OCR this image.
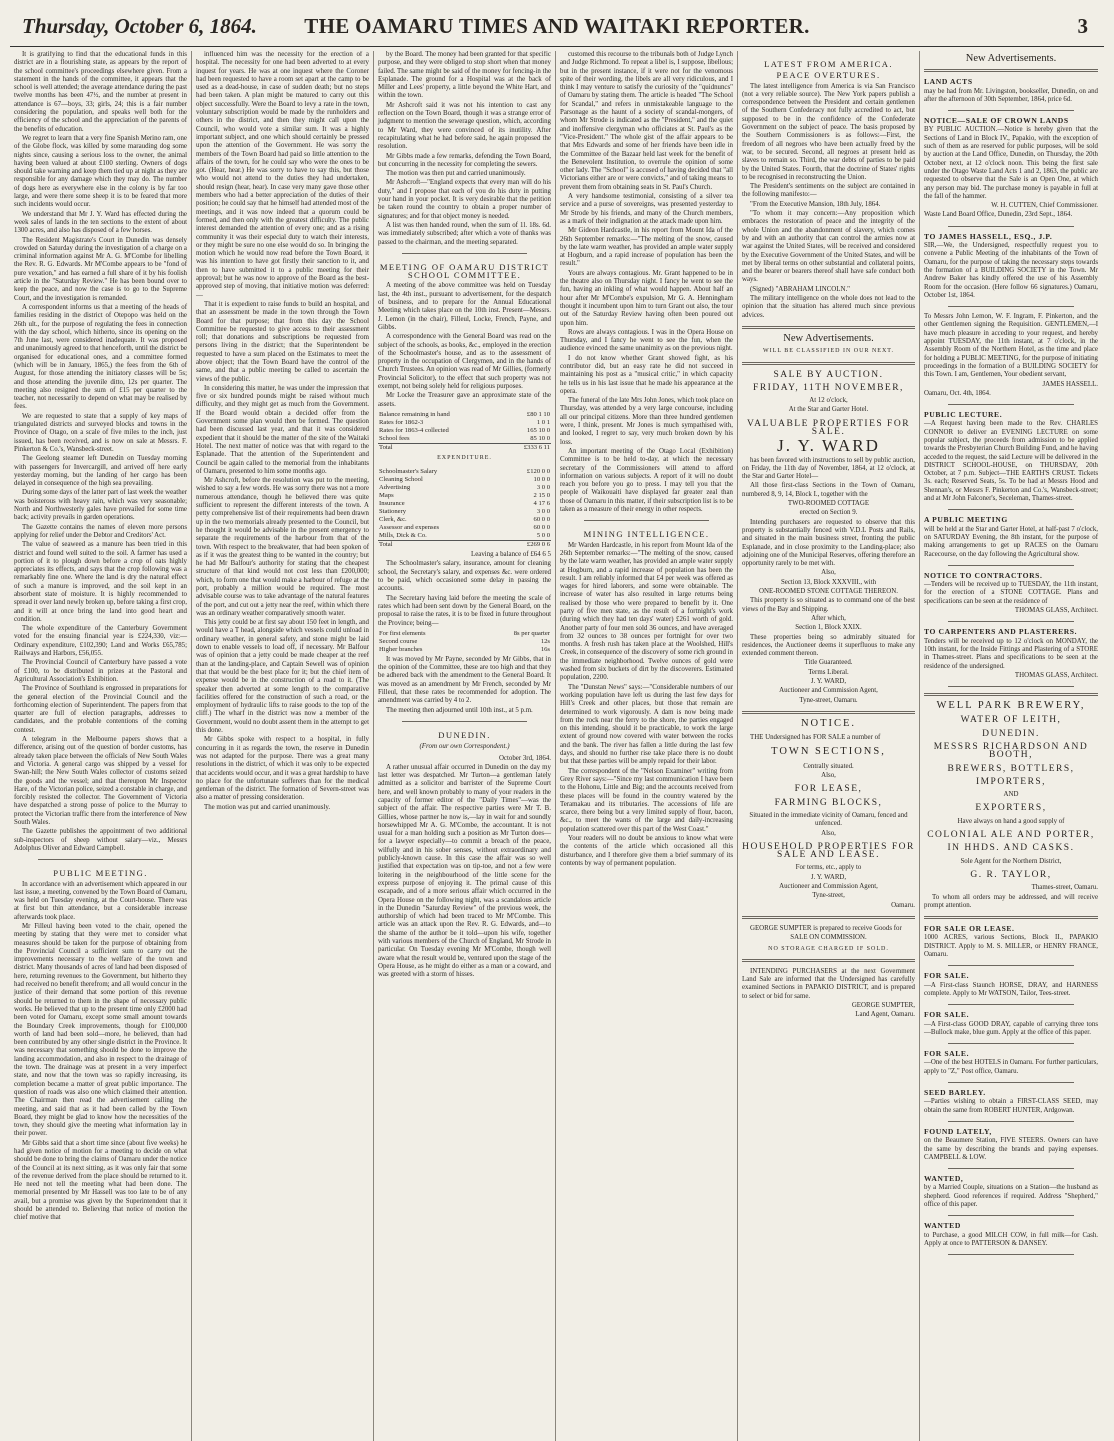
Thursday, October 6, 1864.	THE OAMARU TIMES AND WAITAKI REPORTER.	3

It is gratifying to find that the educational funds in this district are in a flourishing state, as appears by the report of the school committee's proceedings elsewhere given. From a statement in the hands of the committee, it appears that the school is well attended; the average attendance during the past twelve months has been 47½, and the number at present in attendance is 67—boys, 33; girls, 24; this is a fair number considering the population, and speaks well both for the efficiency of the school and the appreciation of the parents of the benefits of education.

We regret to learn that a very fine Spanish Merino ram, one of the Globe flock, was killed by some marauding dog some nights since, causing a serious loss to the owner, the animal having been valued at about £100 sterling. Owners of dogs should take warning and keep them tied up at night as they are responsible for any damage which they may do. The number of dogs here as everywhere else in the colony is by far too large, and were there some sheep it is to be feared that more such incidents would occur.

We understand that Mr J. Y. Ward has effected during the week sales of lands in the ten sections to the extent of about 1300 acres, and also has disposed of a few horses.

The Resident Magistrate's Court in Dunedin was densely crowded on Saturday during the investigation of a charge on a criminal information against Mr A. G. M'Combe for libelling the Rev. R. G. Edwards. Mr M'Combe appears to be "fond of pure vexation," and has earned a full share of it by his foolish article in the "Saturday Review." He has been bound over to keep the peace, and now the case is to go to the Supreme Court, and the investigation is remanded.

A correspondent informs us that a meeting of the heads of families residing in the district of Otepopo was held on the 26th ult., for the purpose of regulating the fees in connection with the day school, which hitherto, since its opening on the 7th June last, were considered inadequate. It was proposed and unanimously agreed to that henceforth, until the district be organised for educational ones, and a committee formed (which will be in January, 1865,) the fees from the 6th of August, for those attending the initiatory classes will be 5s; and those attending the juvenile ditto, 12s per quarter. The meeting also resigned the sum of £15 per quarter to the teacher, not necessarily to depend on what may be realised by fees.

We are requested to state that a supply of key maps of triangulated districts and surveyed blocks and towns in the Province of Otago, on a scale of five miles to the inch, just issued, has been received, and is now on sale at Messrs. F. Pinkerton & Co.'s, Wansbeck-street.

The Geelong steamer left Dunedin on Tuesday morning with passengers for Invercargill, and arrived off here early yesterday morning, but the landing of her cargo has been delayed in consequence of the high sea prevailing.

During some days of the latter part of last week the weather was boisterous with heavy rain, which was very seasonable; North and Northwesterly gales have prevailed for some time back; activity prevails in garden operations.

The Gazette contains the names of eleven more persons applying for relief under the Debtor and Creditors' Act.

The value of seaweed as a manure has been tried in this district and found well suited to the soil. A farmer has used a portion of it to plough down before a crop of oats highly appreciates its effects, and says that the crop following was a remarkably fine one. Where the land is dry the natural effect of such a manure is improved, and the soil kept in an absorbent state of moisture. It is highly recommended to spread it over land newly broken up, before taking a first crop, and it will at once bring the land into good heart and condition.

The whole expenditure of the Canterbury Government voted for the ensuing financial year is £224,330, viz:—Ordinary expenditure, £102,390; Land and Works £65,785; Railways and Harbors, £56,055.

The Provincial Council of Canterbury have passed a vote of £100, to be distributed in prizes at the Pastoral and Agricultural Association's Exhibition.

The Province of Southland is engrossed in preparations for the general election of the Provincial Council and the forthcoming election of Superintendent. The papers from that quarter are full of election paragraphs, addresses to candidates, and the probable contentions of the coming contest.

A telegram in the Melbourne papers shows that a difference, arising out of the question of border customs, has already taken place between the officials of New South Wales and Victoria. A general cargo was shipped by a vessel for Swan-hill; the New South Wales collector of customs seized the goods and the vessel; and that thereupon Mr Inspector Hare, of the Victorian police, seized a constable in charge, and forcibly resisted the collector. The Government of Victoria have despatched a strong posse of police to the Murray to protect the Victorian traffic there from the interference of New South Wales.

The Gazette publishes the appointment of two additional sub-inspectors of sheep without salary—viz., Messrs Adolphus Oliver and Edward Campbell.

PUBLIC MEETING.

In accordance with an advertisement which appeared in our last issue, a meeting, convened by the Town Board of Oamaru, was held on Tuesday evening, at the Court-house. There was at first but thin attendance, but a considerable increase afterwards took place.

Mr Filleul having been voted to the chair, opened the meeting by stating that they were met to consider what measures should be taken for the purpose of obtaining from the Provincial Council a sufficient sum to carry out the improvements necessary to the welfare of the town and district. Many thousands of acres of land had been disposed of here, returning revenues to the Government, but hitherto they had received no benefit therefrom; and all would concur in the justice of their demand that some portion of this revenue should be returned to them in the shape of necessary public works. He believed that up to the present time only £2000 had been voted for Oamaru, except some small amount towards the Boundary Creek improvements, though for £100,000 worth of land had been sold—more, he believed, than had been contributed by any other single district in the Province. It was necessary that something should be done to improve the landing accommodation, and also in respect to the drainage of the town. The drainage was at present in a very imperfect state, and now that the town was so rapidly increasing, its completion became a matter of great public importance. The question of roads was also one which claimed their attention. The Chairman then read the advertisement calling the meeting, and said that as it had been called by the Town Board, they might be glad to know how the necessities of the town, they should give the meeting what information lay in their power.

Mr Gibbs said that a short time since (about five weeks) he had given notice of motion for a meeting to decide on what should be done to bring the claims of Oamaru under the notice of the Council at its next sitting, as it was only fair that some of the revenue derived from the place should be returned to it. He need not tell the meeting what had been done. The memorial presented by Mr Hassell was too late to be of any avail, but a promise was given by the Superintendent that it should be attended to. Believing that notice of motion the chief motive that

influenced him was the necessity for the erection of a hospital. The necessity for one had been adverted to at every inquest for years. He was at one inquest where the Coroner had been requested to have a room set apart at the camp to be used as a dead-house, in case of sudden death; but no steps had been taken. A plan might be matured to carry out this object successfully. Were the Board to levy a rate in the town, voluntary subscription would be made by the runholders and others in the district, and then they might call upon the Council, who would vote a similar sum. It was a highly important subject, and one which should certainly be pressed upon the attention of the Government. He was sorry the members of the Town Board had paid so little attention to the affairs of the town, for he could say who were the ones to be got. (Hear, hear.) He was sorry to have to say this, but those who would not attend to the duties they had undertaken, should resign (hear, hear). In case very many gave those other members who had a better appreciation of the duties of their position; he could say that he himself had attended most of the meetings, and it was now indeed that a quorum could be formed, and then only with the greatest difficulty. The public interest demanded the attention of every one; and as a rising community it was their especial duty to watch their interests, or they might be sure no one else would do so. In bringing the motion which he would now read before the Town Board, it was his intention to have got firstly their sanction to it, and then to have submitted it to a public meeting for their approval; but he was now to approve of the Board as the best-approved step of moving, that initiative motion was deferred:—

That it is expedient to raise funds to build an hospital, and that an assessment be made in the town through the Town Board for that purpose; that from this day the School Committee be requested to give access to their assessment roll; that donations and subscriptions be requested from persons living in the district; that the Superintendent be requested to have a sum placed on the Estimates to meet the above object; that the Town Board have the control of the same, and that a public meeting be called to ascertain the views of the public.

In considering this matter, he was under the impression that five or six hundred pounds might be raised without much difficulty, and they might get as much from the Government. If the Board would obtain a decided offer from the Government some plan would then be formed. The question had been discussed last year, and that it was considered expedient that it should be the matter of the site of the Waitaki Hotel. The next matter of notice was that with regard to the Esplanade. That the attention of the Superintendent and Council be again called to the memorial from the inhabitants of Oamaru, presented to him some months ago.

Mr Ashcroft, before the resolution was put to the meeting, wished to say a few words. He was sorry there was not a more numerous attendance, though he believed there was quite sufficient to represent the different interests of the town. A petty comprehensive list of their requirements had been drawn up in the two memorials already presented to the Council, but he thought it would be advisable in the present emergency to separate the requirements of the harbour from that of the town. With respect to the breakwater, that had been spoken of as if it was the greatest thing to be wanted in the country; but he had Mr Balfour's authority for stating that the cheapest structure of that kind would not cost less than £200,000; which, to form one that would make a harbour of refuge at the port, probably a million would be required. The most advisable course was to take advantage of the natural features of the port, and cut out a jetty near the reef, within which there was an ordinary weather comparatively smooth water.

This jetty could be at first say about 150 feet in length, and would have a T head, alongside which vessels could unload in ordinary weather, in general safety, and stone might be laid down to enable vessels to load off, if necessary. Mr Balfour was of opinion that a jetty could be made cheaper at the reef than at the landing-place, and Captain Sewell was of opinion that that would be the best place for it; but the chief item of expense would be in the construction of a road to it. (The speaker then adverted at some length to the comparative facilities offered for the construction of such a road, or the employment of hydraulic lifts to raise goods to the top of the cliff.) The wharf in the district was now a member of the Government, would no doubt assent them in the attempt to get this done.

Mr Gibbs spoke with respect to a hospital, in fully concurring in it as regards the town, the reserve in Dunedin was not adapted for the purpose. There was a great many resolutions in the district, of which it was only to be expected that accidents would occur, and it was a great hardship to have no place for the unfortunate sufferers than for the medical gentleman of the district. The formation of Severn-street was also a matter of pressing consideration.

The motion was put and carried unanimously.

by the Board. The money had been granted for that specific purpose, and they were obliged to stop short when that money failed. The same might be said of the money for fencing-in the Esplanade. The ground for a Hospital was at the back of Miller and Lees' property, a little beyond the White Hart, and within the town.

Mr Ashcroft said it was not his intention to cast any reflection on the Town Board, though it was a strange error of judgment to mention the sewerage question, which, according to Mr Ward, they were convinced of its inutility. After recapitulating what he had before said, he again proposed the resolution.

Mr Gibbs made a few remarks, defending the Town Board, but concurring in the necessity for completing the sewers.

The motion was then put and carried unanimously.

Mr Ashcroft—"England expects that every man will do his duty," and I propose that each of you do his duty in putting your hand in your pocket. It is very desirable that the petition be taken round the country to obtain a proper number of signatures; and for that object money is needed.

A list was then handed round, when the sum of 1l. 18s. 6d. was immediately subscribed; after which a vote of thanks was passed to the chairman, and the meeting separated.

MEETING OF OAMARU DISTRICT SCHOOL COMMITTEE.

A meeting of the above committee was held on Tuesday last, the 4th inst., pursuant to advertisement, for the despatch of business, and to prepare for the Annual Educational Meeting which takes place on the 10th inst. Present—Messrs. J. Lemon (in the chair), Filleul, Locke, French, Payne, and Gibbs.

A correspondence with the General Board was read on the subject of the schools, as books, &c., employed in the erection of the Schoolmaster's house, and as to the assessment of property in the occupation of Clergymen, and in the hands of Church Trustees. An opinion was read of Mr Gillies, (formerly Provincial Solicitor), to the effect that such property was not exempt, not being solely held for religious purposes.

Mr Locke the Treasurer gave an approximate state of the assets.

Balance remaining in hand	£80 1 10
Rates for 1862-3	1 0 1
Rates for 1863-4 collected	165 10 0
School fees	85 10 0
Total	£333 6 11
EXPENDITURE.
Schoolmaster's Salary	£120 0 0
Cleaning School	10 0 0
Advertising	3 0 0
Maps	2 15 0
Insurance	4 17 6
Stationery	3 0 0
Clerk, &c.	60 0 0
Assessor and expenses	60 0 0
Mills, Dick & Co.	5 0 0
Total	£269 0 6

Leaving a balance of £64 6 5

The Schoolmaster's salary, insurance, amount for cleaning school, the Secretary's salary, and expenses &c. were ordered to be paid, which occasioned some delay in passing the accounts.

The Secretary having laid before the meeting the scale of rates which had been sent down by the General Board, on the proposal to raise the rates, it is to be fixed in future throughout the Province; being—

For first elements	8s per quarter
Second course	12s
Higher branches	16s

It was moved by Mr Payne, seconded by Mr Gibbs, that in the opinion of the Committee, these are too high and that they be adhered back with the amendment to the General Board. It was moved as an amendment by Mr French, seconded by Mr Filleul, that these rates be recommended for adoption. The amendment was carried by 4 to 2.

The meeting then adjourned until 10th inst., at 5 p.m.

DUNEDIN.
(From our own Correspondent.)

October 3rd, 1864.

A rather unusual affair occurred in Dunedin on the day my last letter was despatched. Mr Turton—a gentleman lately admitted as a solicitor and barrister of the Supreme Court here, and well known probably to many of your readers in the capacity of former editor of the "Daily Times"—was the subject of the affair. The respective parties were Mr T. B. Gillies, whose partner he now is,—lay in wait for and soundly horsewhipped Mr A. G. M'Combe, the accountant. It is not usual for a man holding such a position as Mr Turton does—for a lawyer especially—to commit a breach of the peace, wilfully and in his sober senses, without extraordinary and publicly-known cause. In this case the affair was so well justified that expectation was on tip-toe, and not a few were loitering in the neighbourhood of the little scene for the express purpose of enjoying it. The primal cause of this escapade, and of a more serious affair which occurred in the Opera House on the following night, was a scandalous article in the Dunedin "Saturday Review" of the previous week, the authorship of which had been traced to Mr M'Combe. This article was an attack upon the Rev. R. G. Edwards, and—to the shame of the author be it told—upon his wife, together with various members of the Church of England, Mr Strode in particular. On Tuesday evening Mr M'Combe, though well aware what the result would be, ventured upon the stage of the Opera House, as he might do either as a man or a coward, and was greeted with a storm of hisses.

customed this recourse to the tribunals both of Judge Lynch and Judge Richmond. To repeat a libel is, I suppose, libellous; but in the present instance, if it were not for the venomous spite of their wording, the libels are all very ridiculous, and I think I may venture to satisfy the curiosity of the "quidnuncs" of Oamaru by stating them. The article is headed "The School for Scandal," and refers in unmistakeable language to the Parsonage as the haunt of a society of scandal-mongers, of whom Mr Strode is indicated as the "President," and the quiet and inoffensive clergyman who officiates at St. Paul's as the "Vice-President." The whole gist of the affair appears to be that Mrs Edwards and some of her friends have been idle in the Committee of the Bazaar held last week for the benefit of the Benevolent Institution, to overrule the opinion of some other lady. The "School" is accused of having decided that "all Victorians either are or were convicts," and of taking means to prevent them from obtaining seats in St. Paul's Church.

A very handsome testimonial, consisting of a silver tea service and a purse of sovereigns, was presented yesterday to Mr Strode by his friends, and many of the Church members, as a mark of their indignation at the attack made upon him.

Mr Gideon Hardcastle, in his report from Mount Ida of the 26th September remarks:—"The melting of the snow, caused by the late warm weather, has provided an ample water supply at Hogburn, and a rapid increase of population has been the result."

Yours are always contagious. Mr. Grant happened to be in the theatre also on Thursday night. I fancy he went to see the fun, having an inkling of what would happen. About half an hour after Mr M'Combe's expulsion, Mr G. A. Henningham thought it incumbent upon him to turn Grant out also, the tour out of the Saturday Review having often been poured out upon him.

Rows are always contagious. I was in the Opera House on Thursday, and I fancy he went to see the fun, when the audience evinced the same unanimity as on the previous night.

I do not know whether Grant showed fight, as his contributor did, but an easy rate he did not succeed in maintaining his post as a "musical critic," in which capacity he tells us in his last issue that he made his appearance at the opera.

The funeral of the late Mrs John Jones, which took place on Thursday, was attended by a very large concourse, including all our principal citizens. More than three hundred gentlemen were, I think, present. Mr Jones is much sympathised with, and looked, I regret to say, very much broken down by his loss.

An important meeting of the Otago Local (Exhibition) Committee is to be held to-day, at which the necessary secretary of the Commissioners will attend to afford information on various subjects. A report of it will no doubt reach you before you go to press. I may tell you that the people of Waikouaiti have displayed far greater zeal than those of Oamaru in this matter, if their subscription list is to be taken as a measure of their energy in other respects.

MINING INTELLIGENCE.

Mr Warden Hardcastle, in his report from Mount Ida of the 26th September remarks:—"The melting of the snow, caused by the late warm weather, has provided an ample water supply at Hogburn, and a rapid increase of population has been the result. I am reliably informed that £4 per week was offered as wages for hired laborers, and some were obtainable. The increase of water has also resulted in large returns being realised by those who were prepared to benefit by it. One party of five men state, as the result of a fortnight's work (during which they had ten days' water) £261 worth of gold. Another party of four men sold 36 ounces, and have averaged from 32 ounces to 38 ounces per fortnight for over two months. A fresh rush has taken place at the Woolshed, Hill's Creek, in consequence of the discovery of some rich ground in the immediate neighborhood. Twelve ounces of gold were washed from six buckets of dirt by the discoverers. Estimated population, 2200.

The "Dunstan News" says:—"Considerable numbers of our working population have left us during the last few days for Hill's Creek and other places, but those that remain are determined to work vigorously. A dam is now being made from the rock near the ferry to the shore, the parties engaged on this intending, should it be practicable, to work the large extent of ground now covered with water between the rocks and the bank. The river has fallen a little during the last few days, and should no further rise take place there is no doubt but that these parties will be amply repaid for their labor.

The correspondent of the "Nelson Examiner" writing from Grey River says:—"Since my last communication I have been to the Hohonu, Little and Big; and the accounts received from these places will be found in the country watered by the Teramakau and its tributaries. The accessions of life are scarce, there being but a very limited supply of flour, bacon, &c., to meet the wants of the large and daily-increasing population scattered over this part of the West Coast."

Your readers will no doubt be anxious to know what were the contents of the article which occasioned all this disturbance, and I therefore give them a brief summary of its contents by way of permanent population.

LATEST FROM AMERICA.
PEACE OVERTURES.

The latest intelligence from America is via San Francisco (not a very reliable source). The New York papers publish a correspondence between the President and certain gentlemen of the Southern Confederacy not fully accredited to act, but supposed to be in the confidence of the Confederate Government on the subject of peace. The basis proposed by the Southern Commissioners is as follows:—First, the freedom of all negroes who have been actually freed by the war, to be secured. Second, all negroes at present held as slaves to remain so. Third, the war debts of parties to be paid by the United States. Fourth, that the doctrine of States' rights to be recognised in reconstructing the Union.

The President's sentiments on the subject are contained in the following manifesto:—

"From the Executive Mansion, 18th July, 1864.

"To whom it may concern:—Any proposition which embraces the restoration of peace and the integrity of the whole Union and the abandonment of slavery, which comes by and with an authority that can control the armies now at war against the United States, will be received and considered by the Executive Government of the United States, and will be met by liberal terms on other substantial and collateral points, and the bearer or bearers thereof shall have safe conduct both ways.

(Signed) "ABRAHAM LINCOLN."

The military intelligence on the whole does not lead to the opinion that the situation has altered much since previous advices.

New Advertisements.
WILL BE CLASSIFIED IN OUR NEXT.
SALE BY AUCTION.
FRIDAY, 11TH NOVEMBER,

At 12 o'clock,

At the Star and Garter Hotel.

VALUABLE PROPERTIES FOR SALE.
J. Y. WARD

has been favored with instructions to sell by public auction, on Friday, the 11th day of November, 1864, at 12 o'clock, at the Star and Garter Hotel—

All those first-class Sections in the Town of Oamaru, numbered 8, 9, 14, Block I., together with the

TWO-ROOMED COTTAGE

erected on Section 9.

Intending purchasers are requested to observe that this property is substantially fenced with V.D.L Posts and Rails, and situated in the main business street, fronting the public Esplanade, and in close proximity to the Landing-place; also adjoining one of the Municipal Reserves, offering therefore an opportunity rarely to be met with.

Also,

Section 13, Block XXXVIII., with

ONE-ROOMED STONE COTTAGE THEREON.

This property is so situated as to command one of the best views of the Bay and Shipping.

After which,

Section 1, Block XXIX.

These properties being so admirably situated for residences, the Auctioneer deems it superfluous to make any extended comment thereon.

Title Guaranteed.

Terms Liberal.

J. Y. WARD,

Auctioneer and Commission Agent,

Tyne-street, Oamaru.

NOTICE.

THE Undersigned has FOR SALE a number of

TOWN SECTIONS,

Centrally situated.

Also,

FOR LEASE,
FARMING BLOCKS,

Situated in the immediate vicinity of Oamaru, fenced and unfenced.

Also,

HOUSEHOLD PROPERTIES FOR SALE AND LEASE.

For terms, etc., apply to

J. Y. WARD,

Auctioneer and Commission Agent,

Tyne-street,

Oamaru.

GEORGE SUMPTER is prepared to receive Goods for

SALE ON COMMISSION.

NO STORAGE CHARGED IF SOLD.

INTENDING PURCHASERS at the next Government Land Sale are informed that the Undersigned has carefully examined Sections in PAPAKIO DISTRICT, and is prepared to select or bid for same.

GEORGE SUMPTER,

Land Agent, Oamaru.

New Advertisements.

LAND ACTS

may be had from Mr. Livingston, bookseller, Dunedin, on and after the afternoon of 30th September, 1864, price 6d.

NOTICE—SALE OF CROWN LANDS

BY PUBLIC AUCTION.—Notice is hereby given that the Sections of Land in Block IV., Papakio, with the exception of such of them as are reserved for public purposes, will be sold by auction at the Land Office, Dunedin, on Thursday, the 20th October next, at 12 o'clock noon. This being the first sale under the Otago Waste Land Acts 1 and 2, 1863, the public are requested to observe that the Sale is an Open One, at which any person may bid. The purchase money is payable in full at the fall of the hammer.

W. H. CUTTEN, Chief Commissioner.

Waste Land Board Office, Dunedin, 23rd Sept., 1864.

TO JAMES HASSELL, ESQ., J.P.

SIR,—We, the Undersigned, respectfully request you to convene a Public Meeting of the inhabitants of the Town of Oamaru, for the purpose of taking the necessary steps towards the formation of a BUILDING SOCIETY in the Town. Mr Andrew Baker has kindly offered the use of his Assembly Room for the occasion. (Here follow 66 signatures.) Oamaru, October 1st, 1864.

To Messrs John Lemon, W. F. Ingram, F. Pinkerton, and the other Gentlemen signing the Requisition. GENTLEMEN,—I have much pleasure in acceding to your request, and hereby appoint TUESDAY, the 11th instant, at 7 o'clock, in the Assembly Room of the Northern Hotel, as the time and place for holding a PUBLIC MEETING, for the purpose of initiating proceedings in the formation of a BUILDING SOCIETY for this Town. I am, Gentlemen, Your obedient servant,

JAMES HASSELL.

Oamaru, Oct. 4th, 1864.

PUBLIC LECTURE.

—A Request having been made to the Rev. CHARLES CONNOR to deliver an EVENING LECTURE on some popular subject, the proceeds from admission to be applied towards the Presbyterian Church Building Fund, and he having acceded to the request, the said Lecture will be delivered in the DISTRICT SCHOOL-HOUSE, on THURSDAY, 20th October, at 7 p.m. Subject—THE EARTH'S CRUST. Tickets 3s. each; Reserved Seats, 5s. To be had at Messrs Hood and Shennan's, or Messrs F. Pinkerton and Co.'s, Wansbeck-street; and at Mr John Falconer's, Seceleman, Thames-street.

A PUBLIC MEETING

will be held at the Star and Garter Hotel, at half-past 7 o'clock, on SATURDAY Evening, the 8th instant, for the purpose of making arrangements to get up RACES on the Oamaru Racecourse, on the day following the Agricultural show.

NOTICE TO CONTRACTORS.

—Tenders will be received up to TUESDAY, the 11th instant, for the erection of a STONE COTTAGE. Plans and specifications can be seen at the residence of

THOMAS GLASS, Architect.

TO CARPENTERS AND PLASTERERS.

Tenders will be received up to 12 o'clock on MONDAY, the 10th instant, for the Inside Fittings and Plastering of a STORE in Thames-street. Plans and specifications to be seen at the residence of the undersigned.

THOMAS GLASS, Architect.

WELL PARK BREWERY,
WATER OF LEITH,
DUNEDIN.
MESSRS RICHARDSON AND BOOTH,
BREWERS, BOTTLERS,
IMPORTERS,

AND

EXPORTERS,

Have always on hand a good supply of

COLONIAL ALE AND PORTER,
IN HHDS. AND CASKS.

Sole Agent for the Northern District,

G. R. TAYLOR,

Thames-street, Oamaru.

To whom all orders may be addressed, and will receive prompt attention.

FOR SALE OR LEASE.

1000 ACRES, various Sections, Block II., PAPAKIO DISTRICT. Apply to M. S. MILLER, or HENRY FRANCE, Oamaru.

FOR SALE.

—A First-class Staunch HORSE, DRAY, and HARNESS complete. Apply to Mr WATSON, Tailor, Tees-street.

FOR SALE.

—A First-class GOOD DRAY, capable of carrying three tons—Bullock make, blue gum. Apply at the office of this paper.

FOR SALE.

—One of the best HOTELS in Oamaru. For further particulars, apply to "Z," Post office, Oamaru.

SEED BARLEY.

—Parties wishing to obtain a FIRST-CLASS SEED, may obtain the same from ROBERT HUNTER, Ardgowan.

FOUND LATELY,

on the Beaumere Station, FIVE STEERS. Owners can have the same by describing the brands and paying expenses. CAMPBELL & LOW.

WANTED,

by a Married Couple, situations on a Station—the husband as shepherd. Good references if required. Address "Shepherd," office of this paper.

WANTED

to Purchase, a good MILCH COW, in full milk—for Cash. Apply at once to PATTERSON & DANSEY.
